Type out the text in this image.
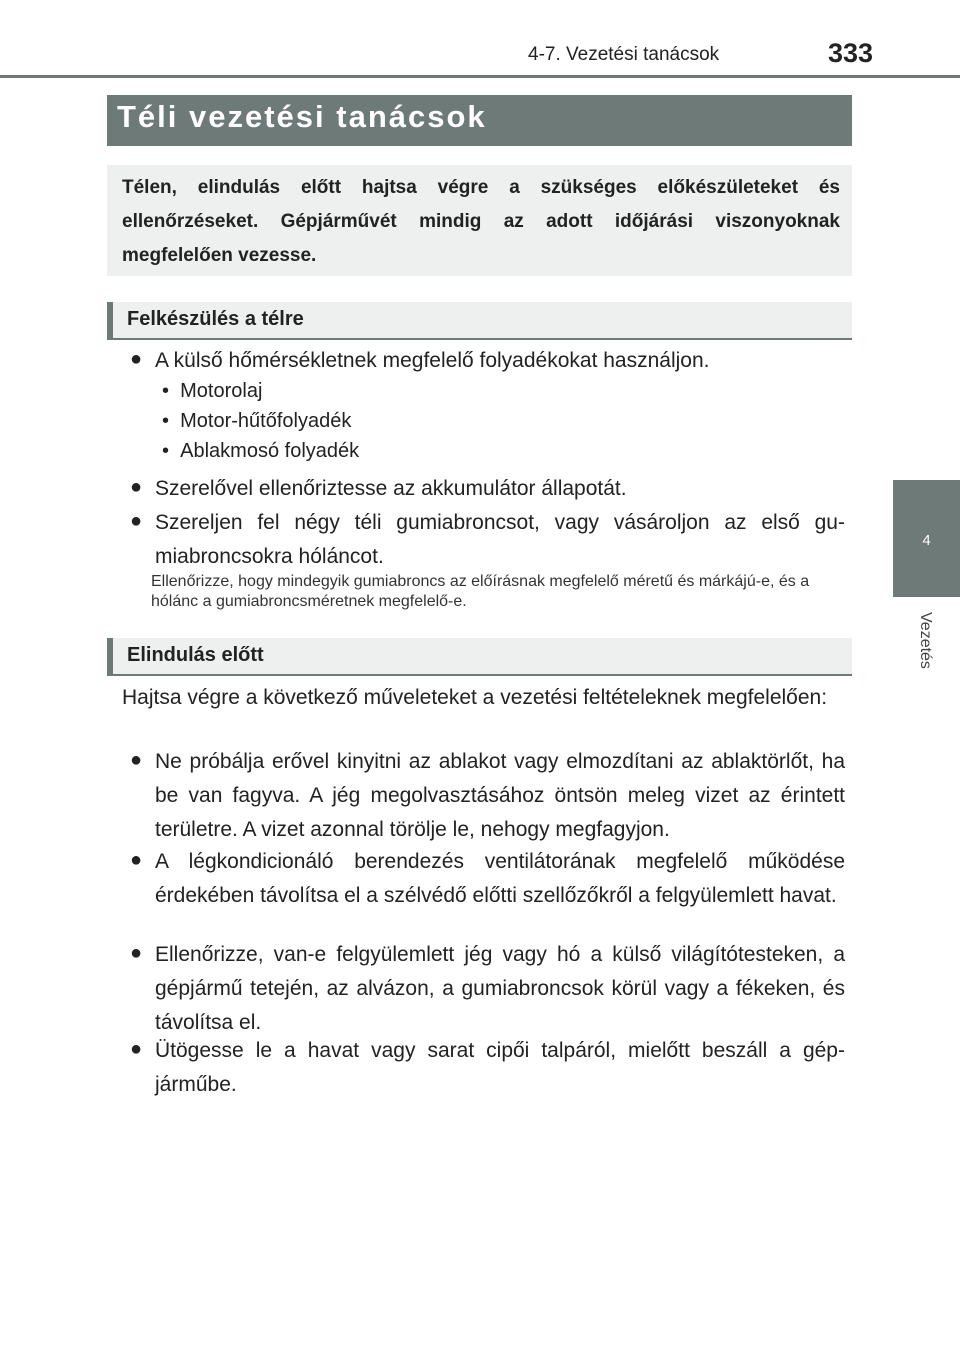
4-7. Vezetési tanácsok	333
4
Vezetés
Téli vezetési tanácsok
Télen, elindulás előtt hajtsa végre a szükséges előkészületeket és ellenőrzéseket. Gépjárművét mindig az adott időjárási viszonyoknak megfelelően vezesse.
Felkészülés a télre
● A külső hőmérsékletnek megfelelő folyadékokat használjon.
• Motorolaj
• Motor-hűtőfolyadék
• Ablakmosó folyadék
● Szerelővel ellenőriztesse az akkumulátor állapotát.
● Szereljen fel négy téli gumiabroncsot, vagy vásároljon az első gumiabroncsokra hóláncot.
Ellenőrizze, hogy mindegyik gumiabroncs az előírásnak megfelelő méretű és márkájú-e, és a hólánc a gumiabroncsméretnek megfelelő-e.
Elindulás előtt
Hajtsa végre a következő műveleteket a vezetési feltételeknek megfelelően:
● Ne próbálja erővel kinyitni az ablakot vagy elmozdítani az ablaktörlőt, ha be van fagyva. A jég megolvasztásához öntsön meleg vizet az érintett területre. A vizet azonnal törölje le, nehogy megfagyjon.
● A légkondicionáló berendezés ventilátorának megfelelő működése érdekében távolítsa el a szélvédő előtti szellőzőkről a felgyülemlett havat.
● Ellenőrizze, van-e felgyülemlett jég vagy hó a külső világítótesteken, a gépjármű tetején, az alvázon, a gumiabroncsok körül vagy a fékeken, és távolítsa el.
● Ütögesse le a havat vagy sarat cipői talpáról, mielőtt beszáll a gépjárműbe.
